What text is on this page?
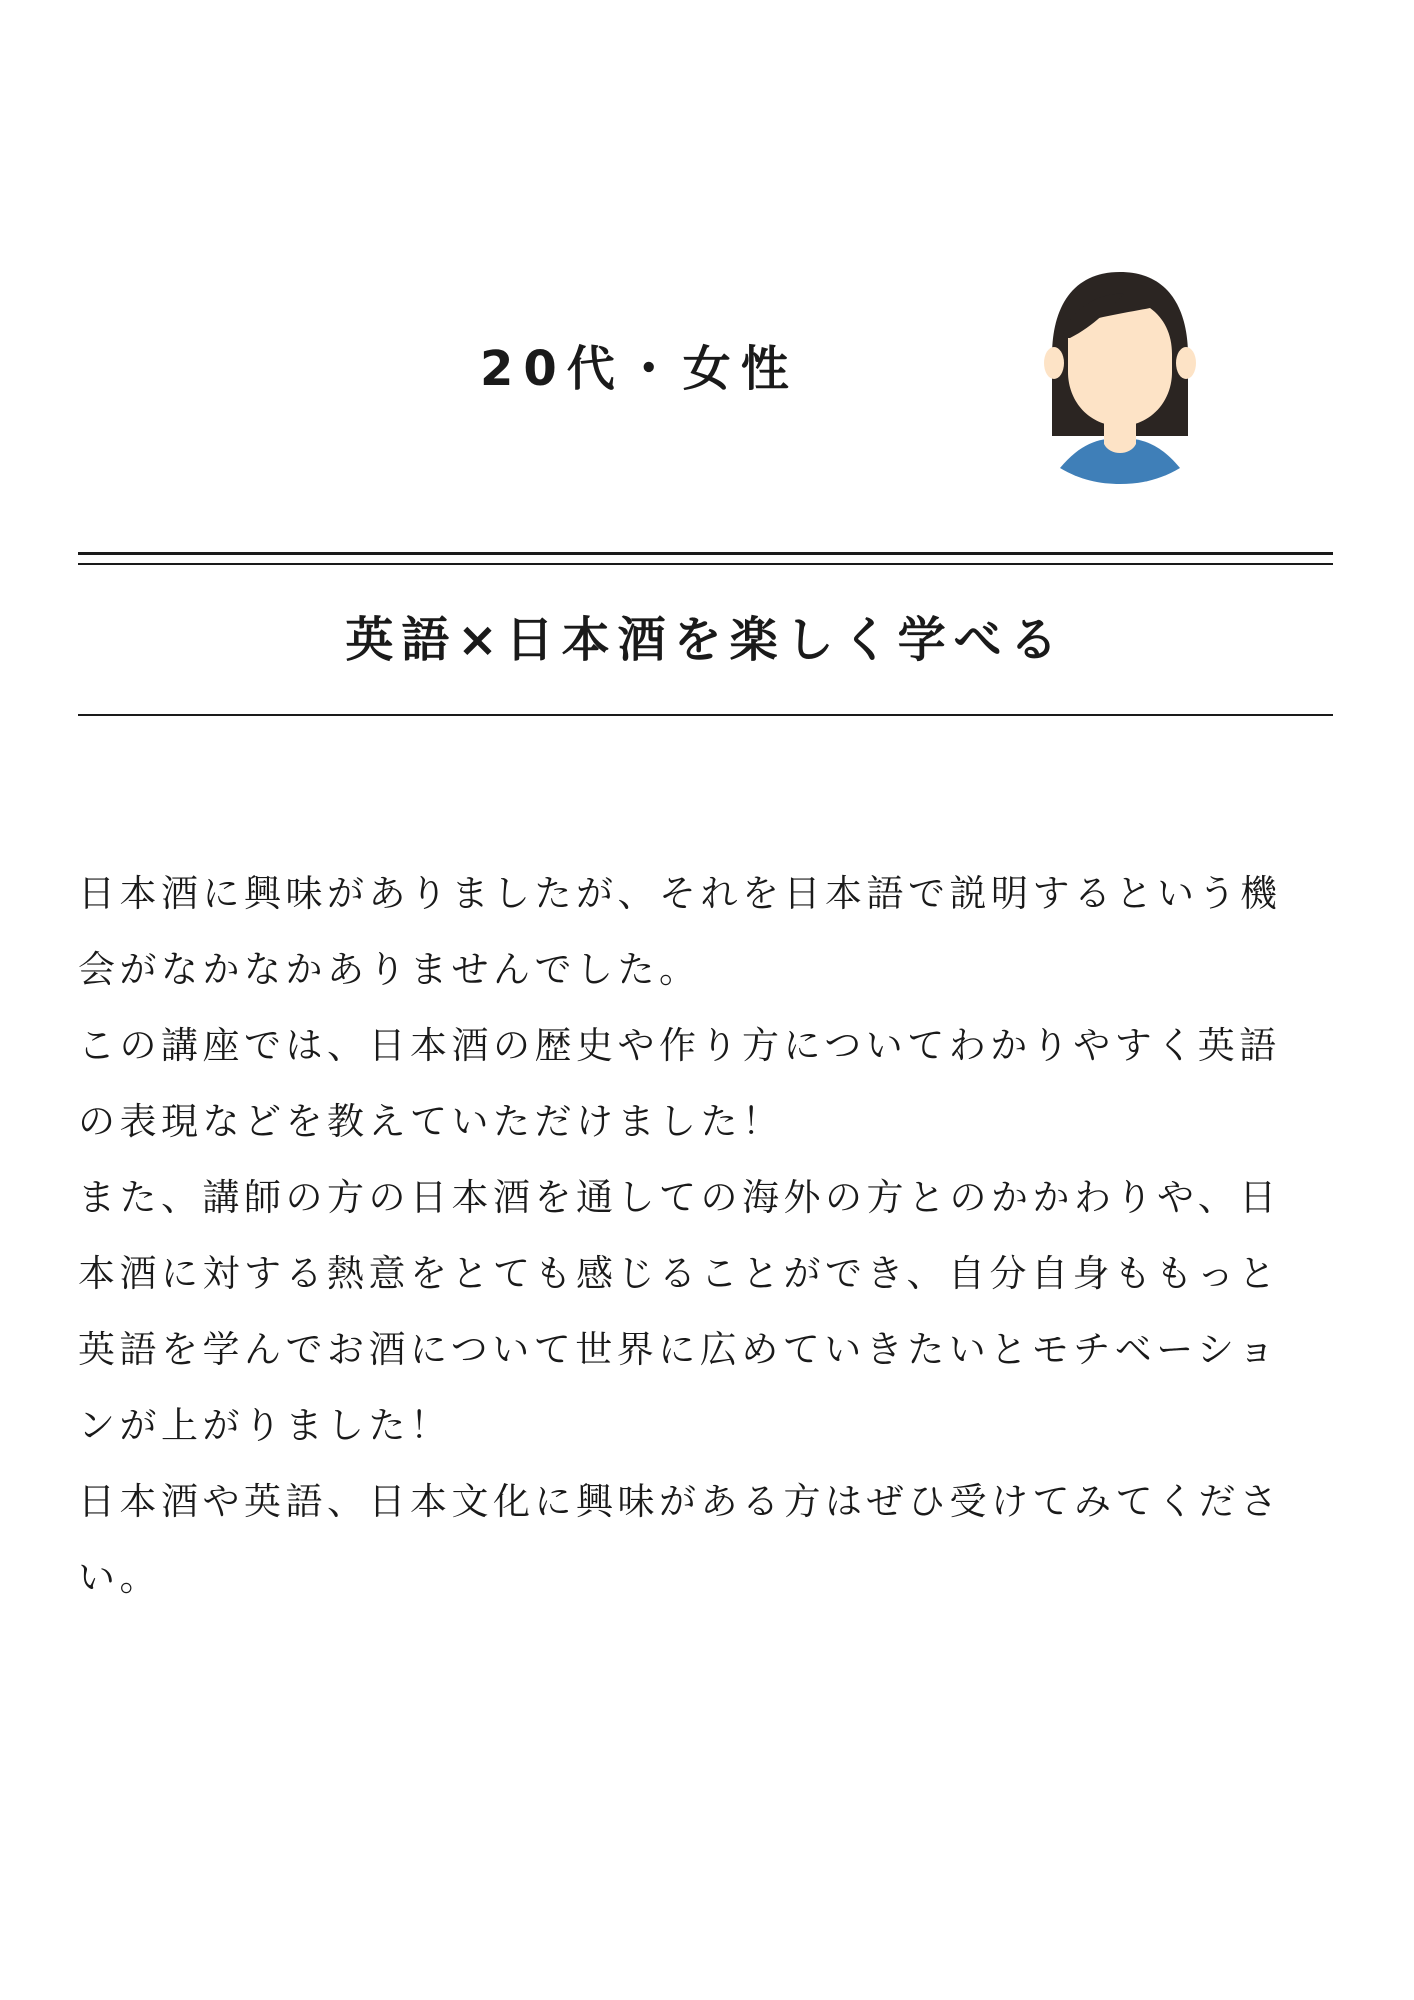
20代・女性
英語×日本酒を楽しく学べる
日本酒に興味がありましたが、それを日本語で説明するという機
会がなかなかありませんでした。
この講座では、日本酒の歴史や作り方についてわかりやすく英語
の表現などを教えていただけました！
また、講師の方の日本酒を通しての海外の方とのかかわりや、日
本酒に対する熱意をとても感じることができ、自分自身ももっと
英語を学んでお酒について世界に広めていきたいとモチベーショ
ンが上がりました！
日本酒や英語、日本文化に興味がある方はぜひ受けてみてくださ
い。
